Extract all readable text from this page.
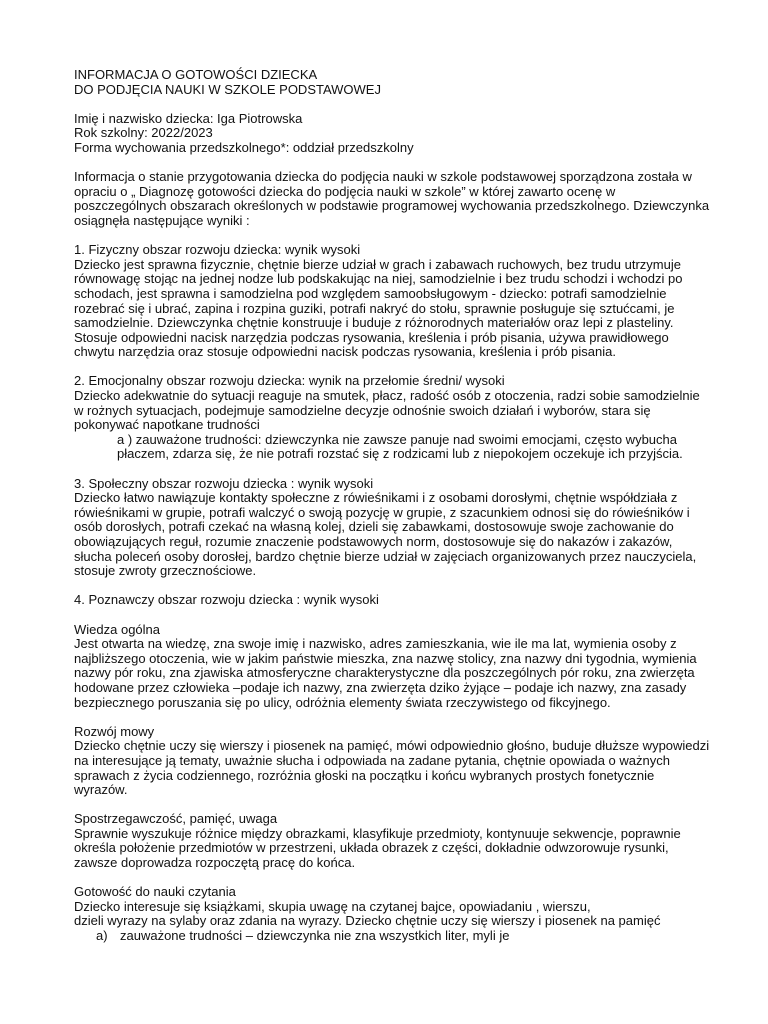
INFORMACJA O GOTOWOŚCI DZIECKA

DO PODJĘCIA NAUKI W SZKOLE PODSTAWOWEJ

Imię i nazwisko dziecka: Iga Piotrowska

Rok szkolny: 2022/2023

Forma wychowania przedszkolnego*: oddział przedszkolny

Informacja o stanie przygotowania dziecka do podjęcia nauki w szkole podstawowej sporządzona została w opraciu o „ Diagnozę gotowości dziecka do podjęcia nauki w szkole” w której zawarto ocenę w poszczególnych obszarach określonych w podstawie programowej wychowania przedszkolnego. Dziewczynka osiągnęła następujące wyniki :

1. Fizyczny obszar rozwoju dziecka: wynik wysoki

Dziecko jest sprawna fizycznie, chętnie bierze udział w grach i zabawach ruchowych, bez trudu utrzymuje równowagę stojąc na jednej nodze lub podskakując na niej, samodzielnie i bez trudu schodzi i wchodzi po schodach, jest sprawna i samodzielna pod względem samoobsługowym - dziecko: potrafi samodzielnie rozebrać się i ubrać, zapina i rozpina guziki, potrafi nakryć do stołu, sprawnie posługuje się sztućcami, je samodzielnie. Dziewczynka chętnie konstruuje i buduje z różnorodnych materiałów oraz lepi z plasteliny. Stosuje odpowiedni nacisk narzędzia podczas rysowania, kreślenia i prób pisania, używa prawidłowego chwytu narzędzia oraz stosuje odpowiedni nacisk podczas rysowania, kreślenia i prób pisania.

2. Emocjonalny obszar rozwoju dziecka: wynik na przełomie średni/ wysoki

Dziecko adekwatnie do sytuacji reaguje na smutek, płacz, radość osób z otoczenia, radzi sobie samodzielnie w rożnych sytuacjach, podejmuje samodzielne decyzje odnośnie swoich działań i wyborów, stara się pokonywać napotkane trudności

a ) zauważone trudności: dziewczynka nie zawsze panuje nad swoimi emocjami, często wybucha płaczem, zdarza się, że nie potrafi rozstać się z rodzicami lub z niepokojem oczekuje ich przyjścia.

3. Społeczny obszar rozwoju dziecka : wynik wysoki

Dziecko łatwo nawiązuje kontakty społeczne z rówieśnikami i z osobami dorosłymi, chętnie współdziała z rówieśnikami w grupie, potrafi walczyć o swoją pozycję w grupie, z szacunkiem odnosi się do rówieśników i osób dorosłych, potrafi czekać na własną kolej, dzieli się zabawkami, dostosowuje swoje zachowanie do obowiązujących reguł, rozumie znaczenie podstawowych norm, dostosowuje się do nakazów i zakazów, słucha poleceń osoby dorosłej, bardzo chętnie bierze udział w zajęciach organizowanych przez nauczyciela, stosuje zwroty grzecznościowe.

4. Poznawczy obszar rozwoju dziecka : wynik wysoki

Wiedza ogólna

Jest otwarta na wiedzę, zna swoje imię i nazwisko, adres zamieszkania, wie ile ma lat, wymienia osoby z najbliższego otoczenia, wie w jakim państwie mieszka, zna nazwę stolicy, zna nazwy dni tygodnia, wymienia nazwy pór roku, zna zjawiska atmosferyczne charakterystyczne dla poszczególnych pór roku, zna zwierzęta hodowane przez człowieka –podaje ich nazwy, zna zwierzęta dziko żyjące – podaje ich nazwy, zna zasady bezpiecznego poruszania się po ulicy, odróżnia elementy świata rzeczywistego od fikcyjnego.

Rozwój mowy

Dziecko chętnie uczy się wierszy i piosenek na pamięć, mówi odpowiednio głośno, buduje dłuższe wypowiedzi na interesujące ją tematy, uważnie słucha i odpowiada na zadane pytania, chętnie opowiada o ważnych sprawach z życia codziennego, rozróżnia głoski na początku i końcu wybranych prostych fonetycznie wyrazów.

Spostrzegawczość, pamięć, uwaga

Sprawnie wyszukuje różnice między obrazkami, klasyfikuje przedmioty, kontynuuje sekwencje, poprawnie określa położenie przedmiotów w przestrzeni, układa obrazek z części, dokładnie odwzorowuje rysunki, zawsze doprowadza rozpoczętą pracę do końca.

Gotowość do nauki czytania

Dziecko interesuje się książkami, skupia uwagę na czytanej bajce, opowiadaniu , wierszu,

dzieli wyrazy na sylaby oraz zdania na wyrazy. Dziecko chętnie uczy się wierszy i piosenek na pamięć

a) zauważone trudności – dziewczynka nie zna wszystkich liter, myli je
